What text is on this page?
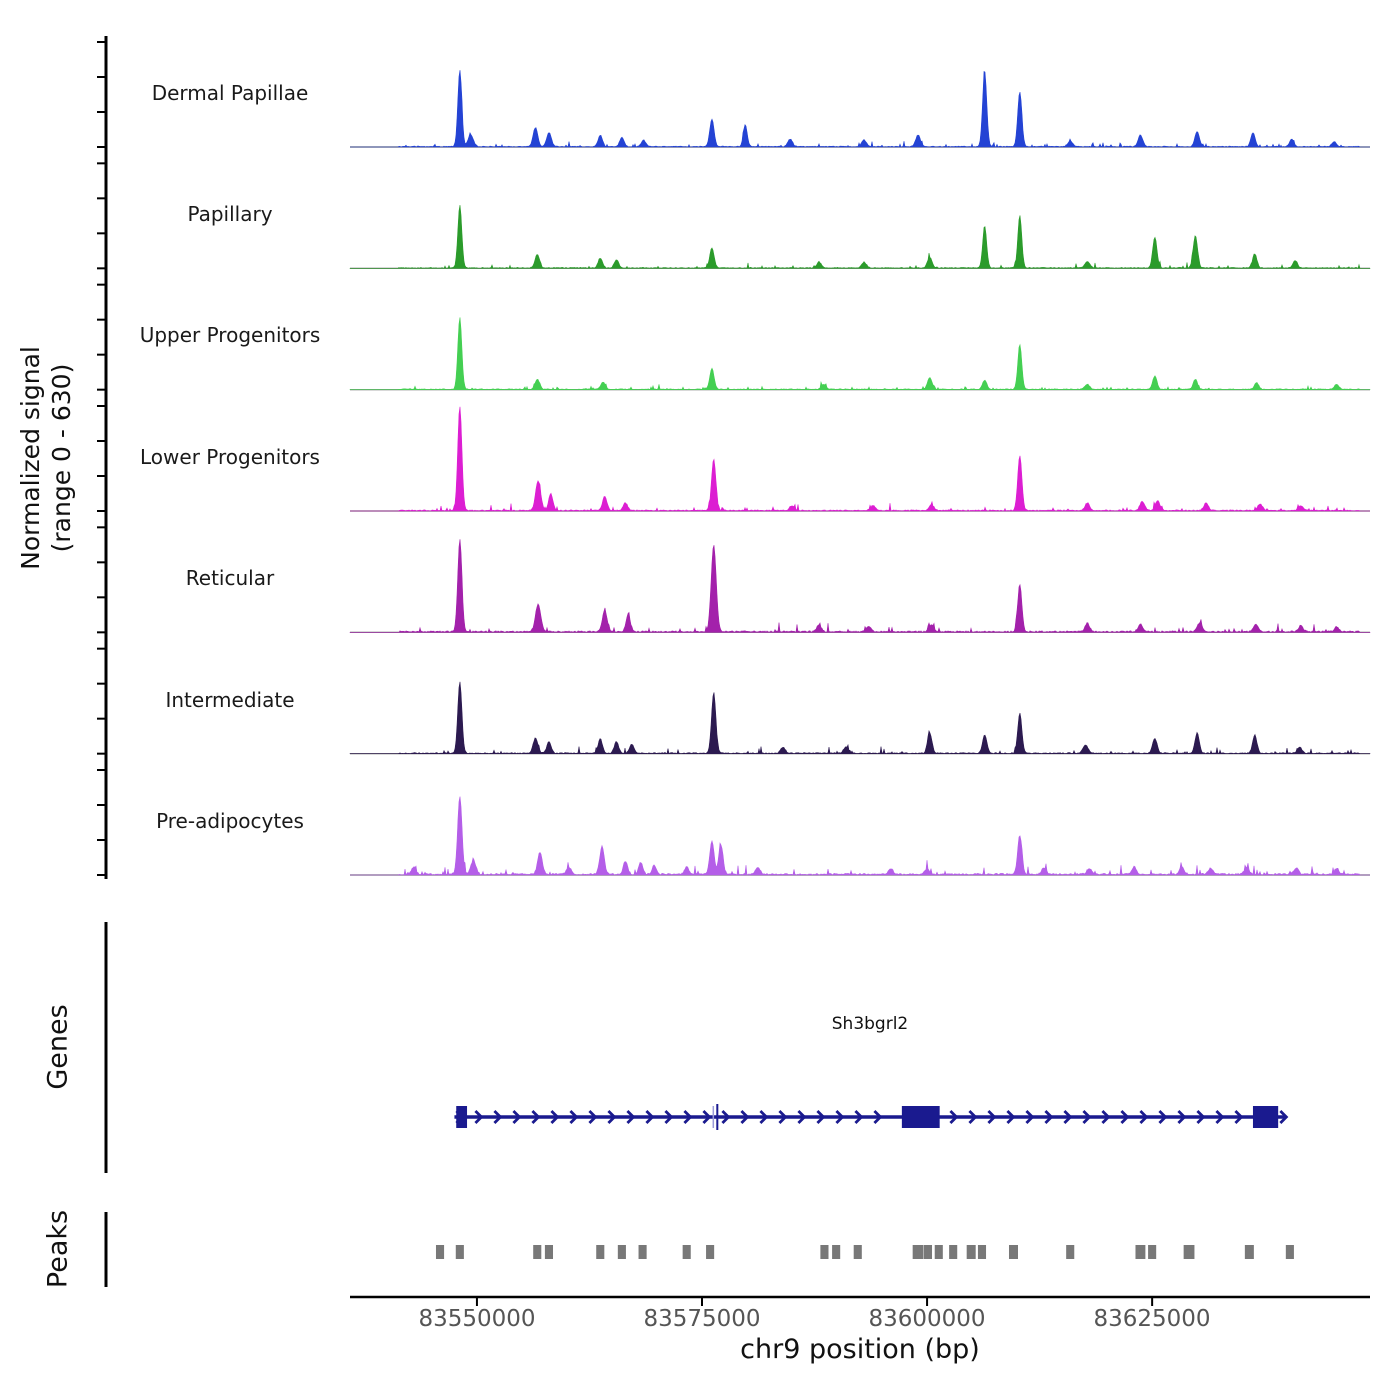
Dermal Papillae
Papillary
Upper Progenitors
Lower Progenitors
Reticular
Intermediate
Pre-adipocytes
Normalized signal (range 0 - 630)
Genes
Peaks
Sh3bgrl2
83550000	83575000	83600000	83625000
chr9 position (bp)
